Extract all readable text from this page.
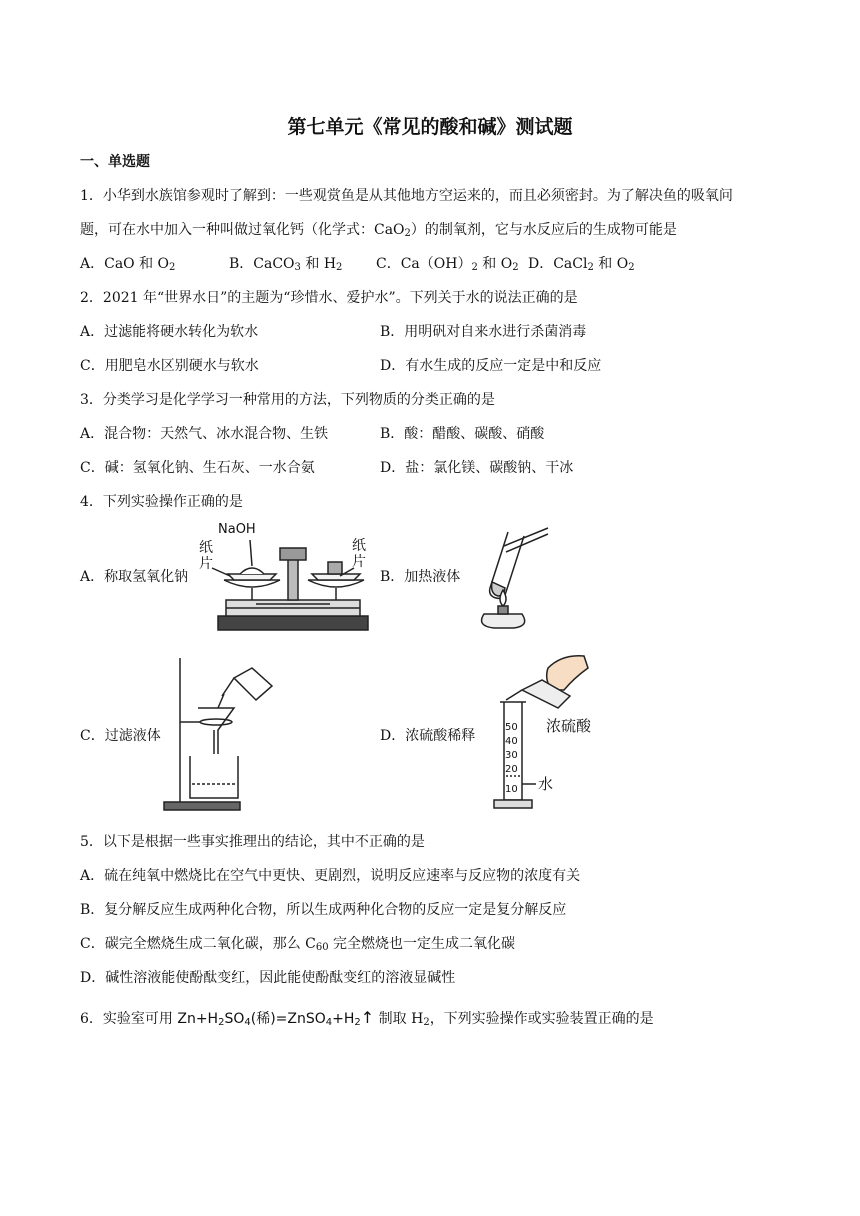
第七单元《常见的酸和碱》测试题
一、单选题
1．小华到水族馆参观时了解到：一些观赏鱼是从其他地方空运来的，而且必须密封。为了解决鱼的吸氧问
题，可在水中加入一种叫做过氧化钙（化学式：CaO$_2$）的制氧剂，它与水反应后的生成物可能是
A．CaO 和 $O_2$	B．CaCO$_3$ 和 $H_2$ C．$Ca(OH)_2$ 和 $O_2$ D．CaCl$_2$ 和 $O_2$
2．2021 年“世界水日”的主题为“珍惜水、爱护水”。下列关于水的说法正确的是
A．过滤能将硬水转化为软水	B．用明矾对自来水进行杀菌消毒
C．用肥皂水区别硬水与软水	D．有水生成的反应一定是中和反应
3．分类学习是化学学习一种常用的方法，下列物质的分类正确的是
A．混合物：天然气、冰水混合物、生铁	B．酸：醋酸、碳酸、硝酸
C．碱：氢氧化钠、生石灰、一水合氨	D．盐：氯化镁、碳酸钠、干冰
4．下列实验操作正确的是
A．称取氢氧化钠	B．加热液体
C．过滤液体	D．浓硫酸稀释
NaOH
纸
片
纸
片
浓硫酸
水
50
40
30
20
10
5．以下是根据一些事实推理出的结论，其中不正确的是
A．硫在纯氧中燃烧比在空气中更快、更剧烈，说明反应速率与反应物的浓度有关
B．复分解反应生成两种化合物，所以生成两种化合物的反应一定是复分解反应
C．碳完全燃烧生成二氧化碳，那么 $C_{60}$ 完全燃烧也一定生成二氧化碳
D．碱性溶液能使酚酞变红，因此能使酚酞变红的溶液显碱性
6．实验室可用 $Zn+H_2SO_4$(稀)$=ZnSO_4+H_2↑$ 制取 $H_2$，下列实验操作或实验装置正确的是
